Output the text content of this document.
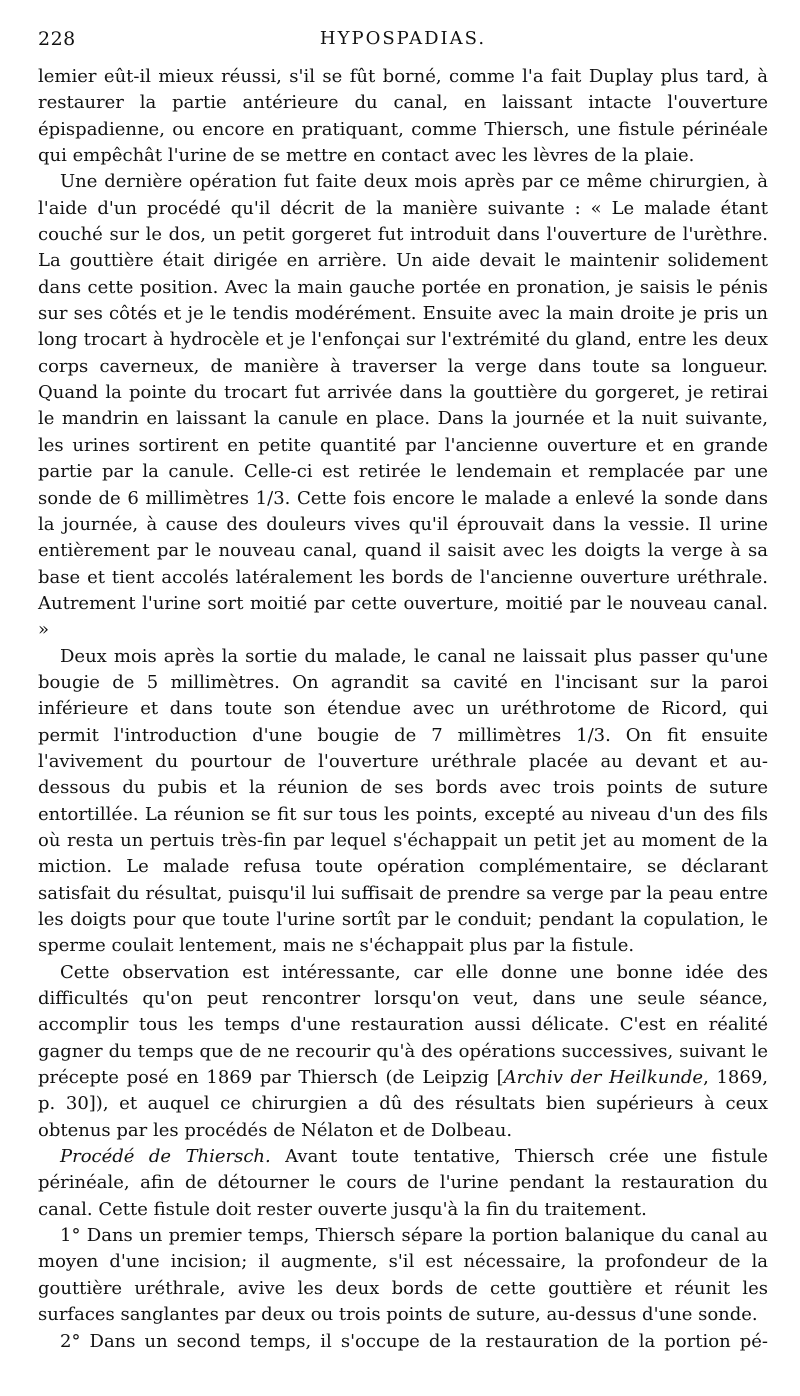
228	HYPOSPADIAS.

lemier eût-il mieux réussi, s'il se fût borné, comme l'a fait Duplay plus tard, à restaurer la partie antérieure du canal, en laissant intacte l'ouverture épispadienne, ou encore en pratiquant, comme Thiersch, une fistule périnéale qui empêchât l'urine de se mettre en contact avec les lèvres de la plaie.

Une dernière opération fut faite deux mois après par ce même chirurgien, à l'aide d'un procédé qu'il décrit de la manière suivante : « Le malade étant couché sur le dos, un petit gorgeret fut introduit dans l'ouverture de l'urèthre. La gouttière était dirigée en arrière. Un aide devait le maintenir solidement dans cette position. Avec la main gauche portée en pronation, je saisis le pénis sur ses côtés et je le tendis modérément. Ensuite avec la main droite je pris un long trocart à hydrocèle et je l'enfonçai sur l'extrémité du gland, entre les deux corps caverneux, de manière à traverser la verge dans toute sa longueur. Quand la pointe du trocart fut arrivée dans la gouttière du gorgeret, je retirai le mandrin en laissant la canule en place. Dans la journée et la nuit suivante, les urines sortirent en petite quantité par l'ancienne ouverture et en grande partie par la canule. Celle-ci est retirée le lendemain et remplacée par une sonde de 6 millimètres 1/3. Cette fois encore le malade a enlevé la sonde dans la journée, à cause des douleurs vives qu'il éprouvait dans la vessie. Il urine entièrement par le nouveau canal, quand il saisit avec les doigts la verge à sa base et tient accolés latéralement les bords de l'ancienne ouverture uréthrale. Autrement l'urine sort moitié par cette ouverture, moitié par le nouveau canal. »

Deux mois après la sortie du malade, le canal ne laissait plus passer qu'une bougie de 5 millimètres. On agrandit sa cavité en l'incisant sur la paroi inférieure et dans toute son étendue avec un uréthrotome de Ricord, qui permit l'introduction d'une bougie de 7 millimètres 1/3. On fit ensuite l'avivement du pourtour de l'ouverture uréthrale placée au devant et au-dessous du pubis et la réunion de ses bords avec trois points de suture entortillée. La réunion se fit sur tous les points, excepté au niveau d'un des fils où resta un pertuis très-fin par lequel s'échappait un petit jet au moment de la miction. Le malade refusa toute opération complémentaire, se déclarant satisfait du résultat, puisqu'il lui suffisait de prendre sa verge par la peau entre les doigts pour que toute l'urine sortît par le conduit; pendant la copulation, le sperme coulait lentement, mais ne s'échappait plus par la fistule.

Cette observation est intéressante, car elle donne une bonne idée des difficultés qu'on peut rencontrer lorsqu'on veut, dans une seule séance, accomplir tous les temps d'une restauration aussi délicate. C'est en réalité gagner du temps que de ne recourir qu'à des opérations successives, suivant le précepte posé en 1869 par Thiersch (de Leipzig [Archiv der Heilkunde, 1869, p. 30]), et auquel ce chirurgien a dû des résultats bien supérieurs à ceux obtenus par les procédés de Nélaton et de Dolbeau.

Procédé de Thiersch. Avant toute tentative, Thiersch crée une fistule périnéale, afin de détourner le cours de l'urine pendant la restauration du canal. Cette fistule doit rester ouverte jusqu'à la fin du traitement.

1° Dans un premier temps, Thiersch sépare la portion balanique du canal au moyen d'une incision; il augmente, s'il est nécessaire, la profondeur de la gouttière uréthrale, avive les deux bords de cette gouttière et réunit les surfaces sanglantes par deux ou trois points de suture, au-dessus d'une sonde.

2° Dans un second temps, il s'occupe de la restauration de la portion pé-
